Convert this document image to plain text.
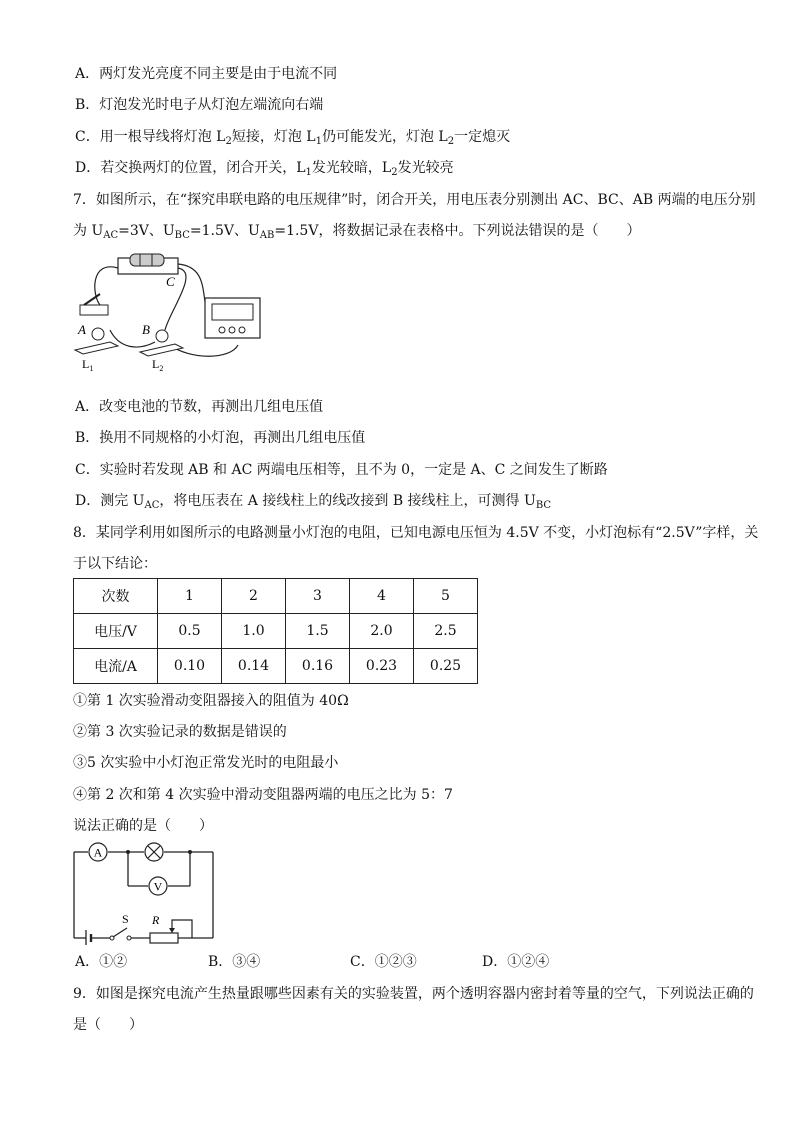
A．两灯发光亮度不同主要是由于电流不同
B．灯泡发光时电子从灯泡左端流向右端
C．用一根导线将灯泡 $L_2$短接，灯泡 $L_1$仍可能发光，灯泡 $L_2$一定熄灭
D．若交换两灯的位置，闭合开关，$L_1$发光较暗，$L_2$发光较亮
7．如图所示，在“探究串联电路的电压规律”时，闭合开关，用电压表分别测出 AC、BC、AB 两端的电压分别
为 $U_{AC}=3V$、$U_{BC}=1.5V$、$U_{AB}=1.5V$，将数据记录在表格中。下列说法错误的是（　　）
C
A	B
$L_1$	$L_2$
A．改变电池的节数，再测出几组电压值
B．换用不同规格的小灯泡，再测出几组电压值
C．实验时若发现 AB 和 AC 两端电压相等，且不为 0，一定是 A、C 之间发生了断路
D．测完 $U_{AC}$，将电压表在 A 接线柱上的线改接到 B 接线柱上，可测得 $U_{BC}$
8．某同学利用如图所示的电路测量小灯泡的电阻，已知电源电压恒为 4.5V 不变，小灯泡标有“2.5V”字样，关
于以下结论：
次数	1	2	3	4	5
电压/V	0.5	1.0	1.5	2.0	2.5
电流/A	0.10	0.14	0.16	0.23	0.25
①第 1 次实验滑动变阻器接入的阻值为 40Ω
②第 3 次实验记录的数据是错误的
③5 次实验中小灯泡正常发光时的电阻最小
④第 2 次和第 4 次实验中滑动变阻器两端的电压之比为 5：7
说法正确的是（　　）
A
V
S R
A．①②	B．③④	C．①②③	D．①②④
9．如图是探究电流产生热量跟哪些因素有关的实验装置，两个透明容器内密封着等量的空气，下列说法正确的
是（　　）
